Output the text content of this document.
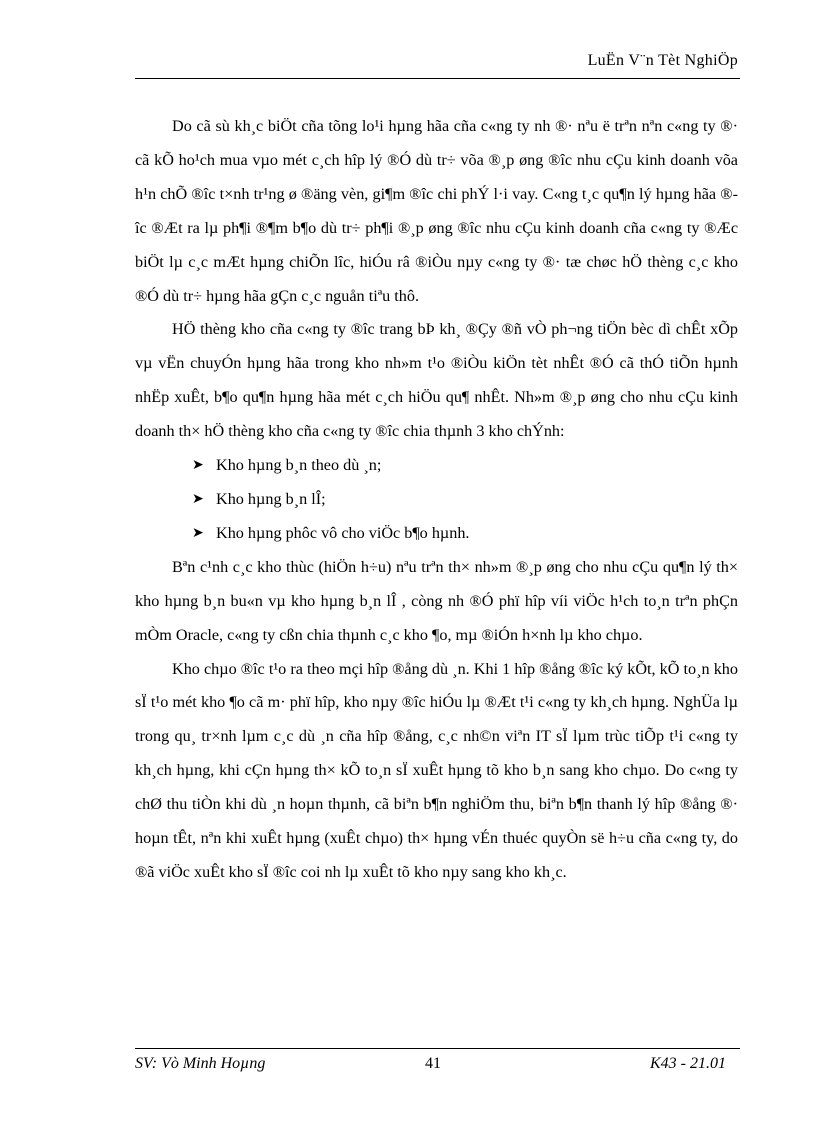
LuËn V¨n Tèt NghiÖp

Do cã sù kh¸c biÖt cña tõng lo¹i hµng hãa cña c«ng ty nh ®· nªu ë trªn nªn c«ng ty ®· cã kÕ ho¹ch mua vµo mét c¸ch hîp lý ®Ó dù tr÷ võa ®¸p øng ®îc nhu cÇu kinh doanh võa h¹n chÕ ®îc t×nh tr¹ng ø ®äng vèn, gi¶m ®îc chi phÝ l·i vay. C«ng t¸c qu¶n lý hµng hãa ®îc ®Æt ra lµ ph¶i ®¶m b¶o dù tr÷ ph¶i ®¸p øng ®îc nhu cÇu kinh doanh cña c«ng ty ®Æc biÖt lµ c¸c mÆt hµng chiÕn lîc, hiÓu râ ®iÒu nµy c«ng ty ®· tæ chøc hÖ thèng c¸c kho ®Ó dù tr÷ hµng hãa gÇn c¸c nguån tiªu thô.

HÖ thèng kho cña c«ng ty ®îc trang bÞ kh¸ ®Çy ®ñ vÒ ph¬ng tiÖn bèc dì chÊt xÕp vµ vËn chuyÓn hµng hãa trong kho nh»m t¹o ®iÒu kiÖn tèt nhÊt ®Ó cã thÓ tiÕn hµnh nhËp xuÊt, b¶o qu¶n hµng hãa mét c¸ch hiÖu qu¶ nhÊt. Nh»m ®¸p øng cho nhu cÇu kinh doanh th× hÖ thèng kho cña c«ng ty ®îc chia thµnh 3 kho chÝnh:

➤ Kho hµng b¸n theo dù ¸n;
➤ Kho hµng b¸n lÎ;
➤ Kho hµng phôc vô cho viÖc b¶o hµnh.

Bªn c¹nh c¸c kho thùc (hiÖn h÷u) nªu trªn th× nh»m ®¸p øng cho nhu cÇu qu¶n lý th× kho hµng b¸n bu«n vµ kho hµng b¸n lÎ , còng nh ®Ó phï hîp víi viÖc h¹ch to¸n trªn phÇn mÒm Oracle, c«ng ty cßn chia thµnh c¸c kho ¶o, mµ ®iÓn h×nh lµ kho chµo.

Kho chµo ®îc t¹o ra theo mçi hîp ®ång dù ¸n. Khi 1 hîp ®ång ®îc ký kÕt, kÕ to¸n kho sÏ t¹o mét kho ¶o cã m· phï hîp, kho nµy ®îc hiÓu lµ ®Æt t¹i c«ng ty kh¸ch hµng. NghÜa lµ trong qu¸ tr×nh lµm c¸c dù ¸n cña hîp ®ång, c¸c nh©n viªn IT sÏ lµm trùc tiÕp t¹i c«ng ty kh¸ch hµng, khi cÇn hµng th× kÕ to¸n sÏ xuÊt hµng tõ kho b¸n sang kho chµo. Do c«ng ty chØ thu tiÒn khi dù ¸n hoµn thµnh, cã biªn b¶n nghiÖm thu, biªn b¶n thanh lý hîp ®ång ®· hoµn tÊt, nªn khi xuÊt hµng (xuÊt chµo) th× hµng vÉn thuéc quyÒn së h÷u cña c«ng ty, do ®ã viÖc xuÊt kho sÏ ®îc coi nh lµ xuÊt tõ kho nµy sang kho kh¸c.

SV: Vò Minh Hoµng	41	K43 - 21.01
